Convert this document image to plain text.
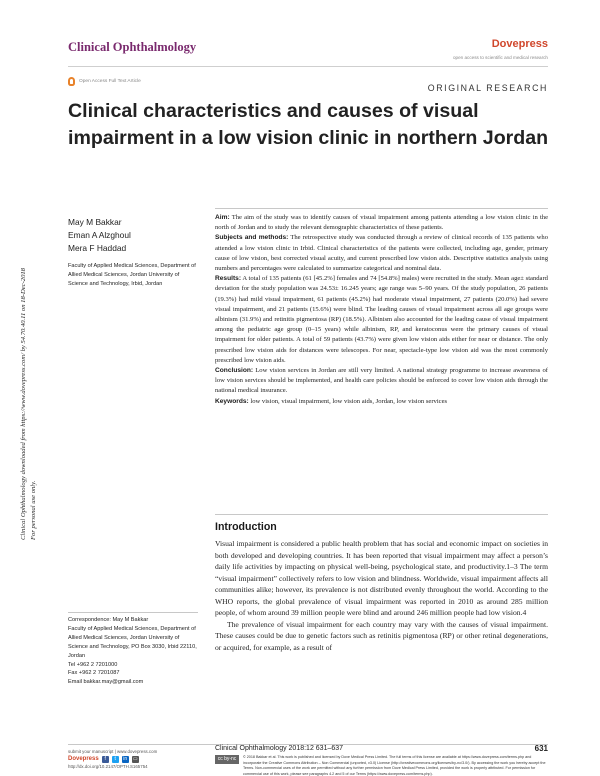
Clinical Ophthalmology	Dovepress
open access to scientific and medical research
Open Access Full Text Article
ORIGINAL RESEARCH
Clinical characteristics and causes of visual impairment in a low vision clinic in northern Jordan
Clinical Ophthalmology downloaded from https://www.dovepress.com/ by 54.70.40.11 on 18-Dec-2018 For personal use only.
May M Bakkar
Eman A Alzghoul
Mera F Haddad
Faculty of Applied Medical Sciences, Department of Allied Medical Sciences, Jordan University of Science and Technology, Irbid, Jordan

Aim: The aim of the study was to identify causes of visual impairment among patients attending a low vision clinic in the north of Jordan and to study the relevant demographic characteristics of these patients.

Subjects and methods: The retrospective study was conducted through a review of clinical records of 135 patients who attended a low vision clinic in Irbid. Clinical characteristics of the patients were collected, including age, gender, primary cause of low vision, best corrected visual acuity, and current prescribed low vision aids. Descriptive statistics analysis using numbers and percentages were calculated to summarize categorical and nominal data.

Results: A total of 135 patients (61 [45.2%] females and 74 [54.8%] males) were recruited in the study. Mean age± standard deviation for the study population was 24.53± 16.245 years; age range was 5–90 years. Of the study population, 26 patients (19.3%) had mild visual impairment, 61 patients (45.2%) had moderate visual impairment, 27 patients (20.0%) had severe visual impairment, and 21 patients (15.6%) were blind. The leading causes of visual impairment across all age groups were albinism (31.9%) and retinitis pigmentosa (RP) (18.5%). Albinism also accounted for the leading cause of visual impairment among the pediatric age group (0–15 years) while albinism, RP, and keratoconus were the primary causes of visual impairment for older patients. A total of 59 patients (43.7%) were given low vision aids either for near or distance. The only prescribed low vision aids for distances were telescopes. For near, spectacle-type low vision aid was the most commonly prescribed low vision aids.

Conclusion: Low vision services in Jordan are still very limited. A national strategy programme to increase awareness of low vision services should be implemented, and health care policies should be enforced to cover low vision aids through the national medical insurance.

Keywords: low vision, visual impairment, low vision aids, Jordan, low vision services

Introduction

Visual impairment is considered a public health problem that has social and economic impact on societies in both developed and developing countries. It has been reported that visual impairment may affect a person’s daily life activities by impacting on physical well-being, psychological state, and productivity.1–3 The term “visual impairment” collectively refers to low vision and blindness. Worldwide, visual impairment affects all communities alike; however, its prevalence is not distributed evenly throughout the world. According to the WHO reports, the global prevalence of visual impairment was reported in 2010 as around 285 million people, of whom around 39 million people were blind and around 246 million people had low vision.4

The prevalence of visual impairment for each country may vary with the causes of visual impairment. These causes could be due to genetic factors such as retinitis pigmentosa (RP) or other retinal degenerations, or acquired, for example, as a result of

Correspondence: May M Bakkar
Faculty of Applied Medical Sciences, Department of Allied Medical Sciences, Jordan University of Science and Technology, PO Box 3030, Irbid 22110, Jordan
Tel +962 2 7201000
Fax +962 2 7201087
Email bakkar.may@gmail.com
submit your manuscript | www.dovepress.com
Dovepress	f	t	in	▭
http://dx.doi.org/10.2147/OPTH.S165754
Clinical Ophthalmology 2018:12 631–637	631
cc by-nc	© 2018 Bakkar et al. This work is published and licensed by Dove Medical Press Limited. The full terms of this license are available at https://www.dovepress.com/terms.php and incorporate the Creative Commons Attribution – Non Commercial (unported, v3.0) License (http://creativecommons.org/licenses/by-nc/3.0/). By accessing the work you hereby accept the Terms. Non-commercial uses of the work are permitted without any further permission from Dove Medical Press Limited, provided the work is properly attributed. For permission for commercial use of this work, please see paragraphs 4.2 and 5 of our Terms (https://www.dovepress.com/terms.php).
